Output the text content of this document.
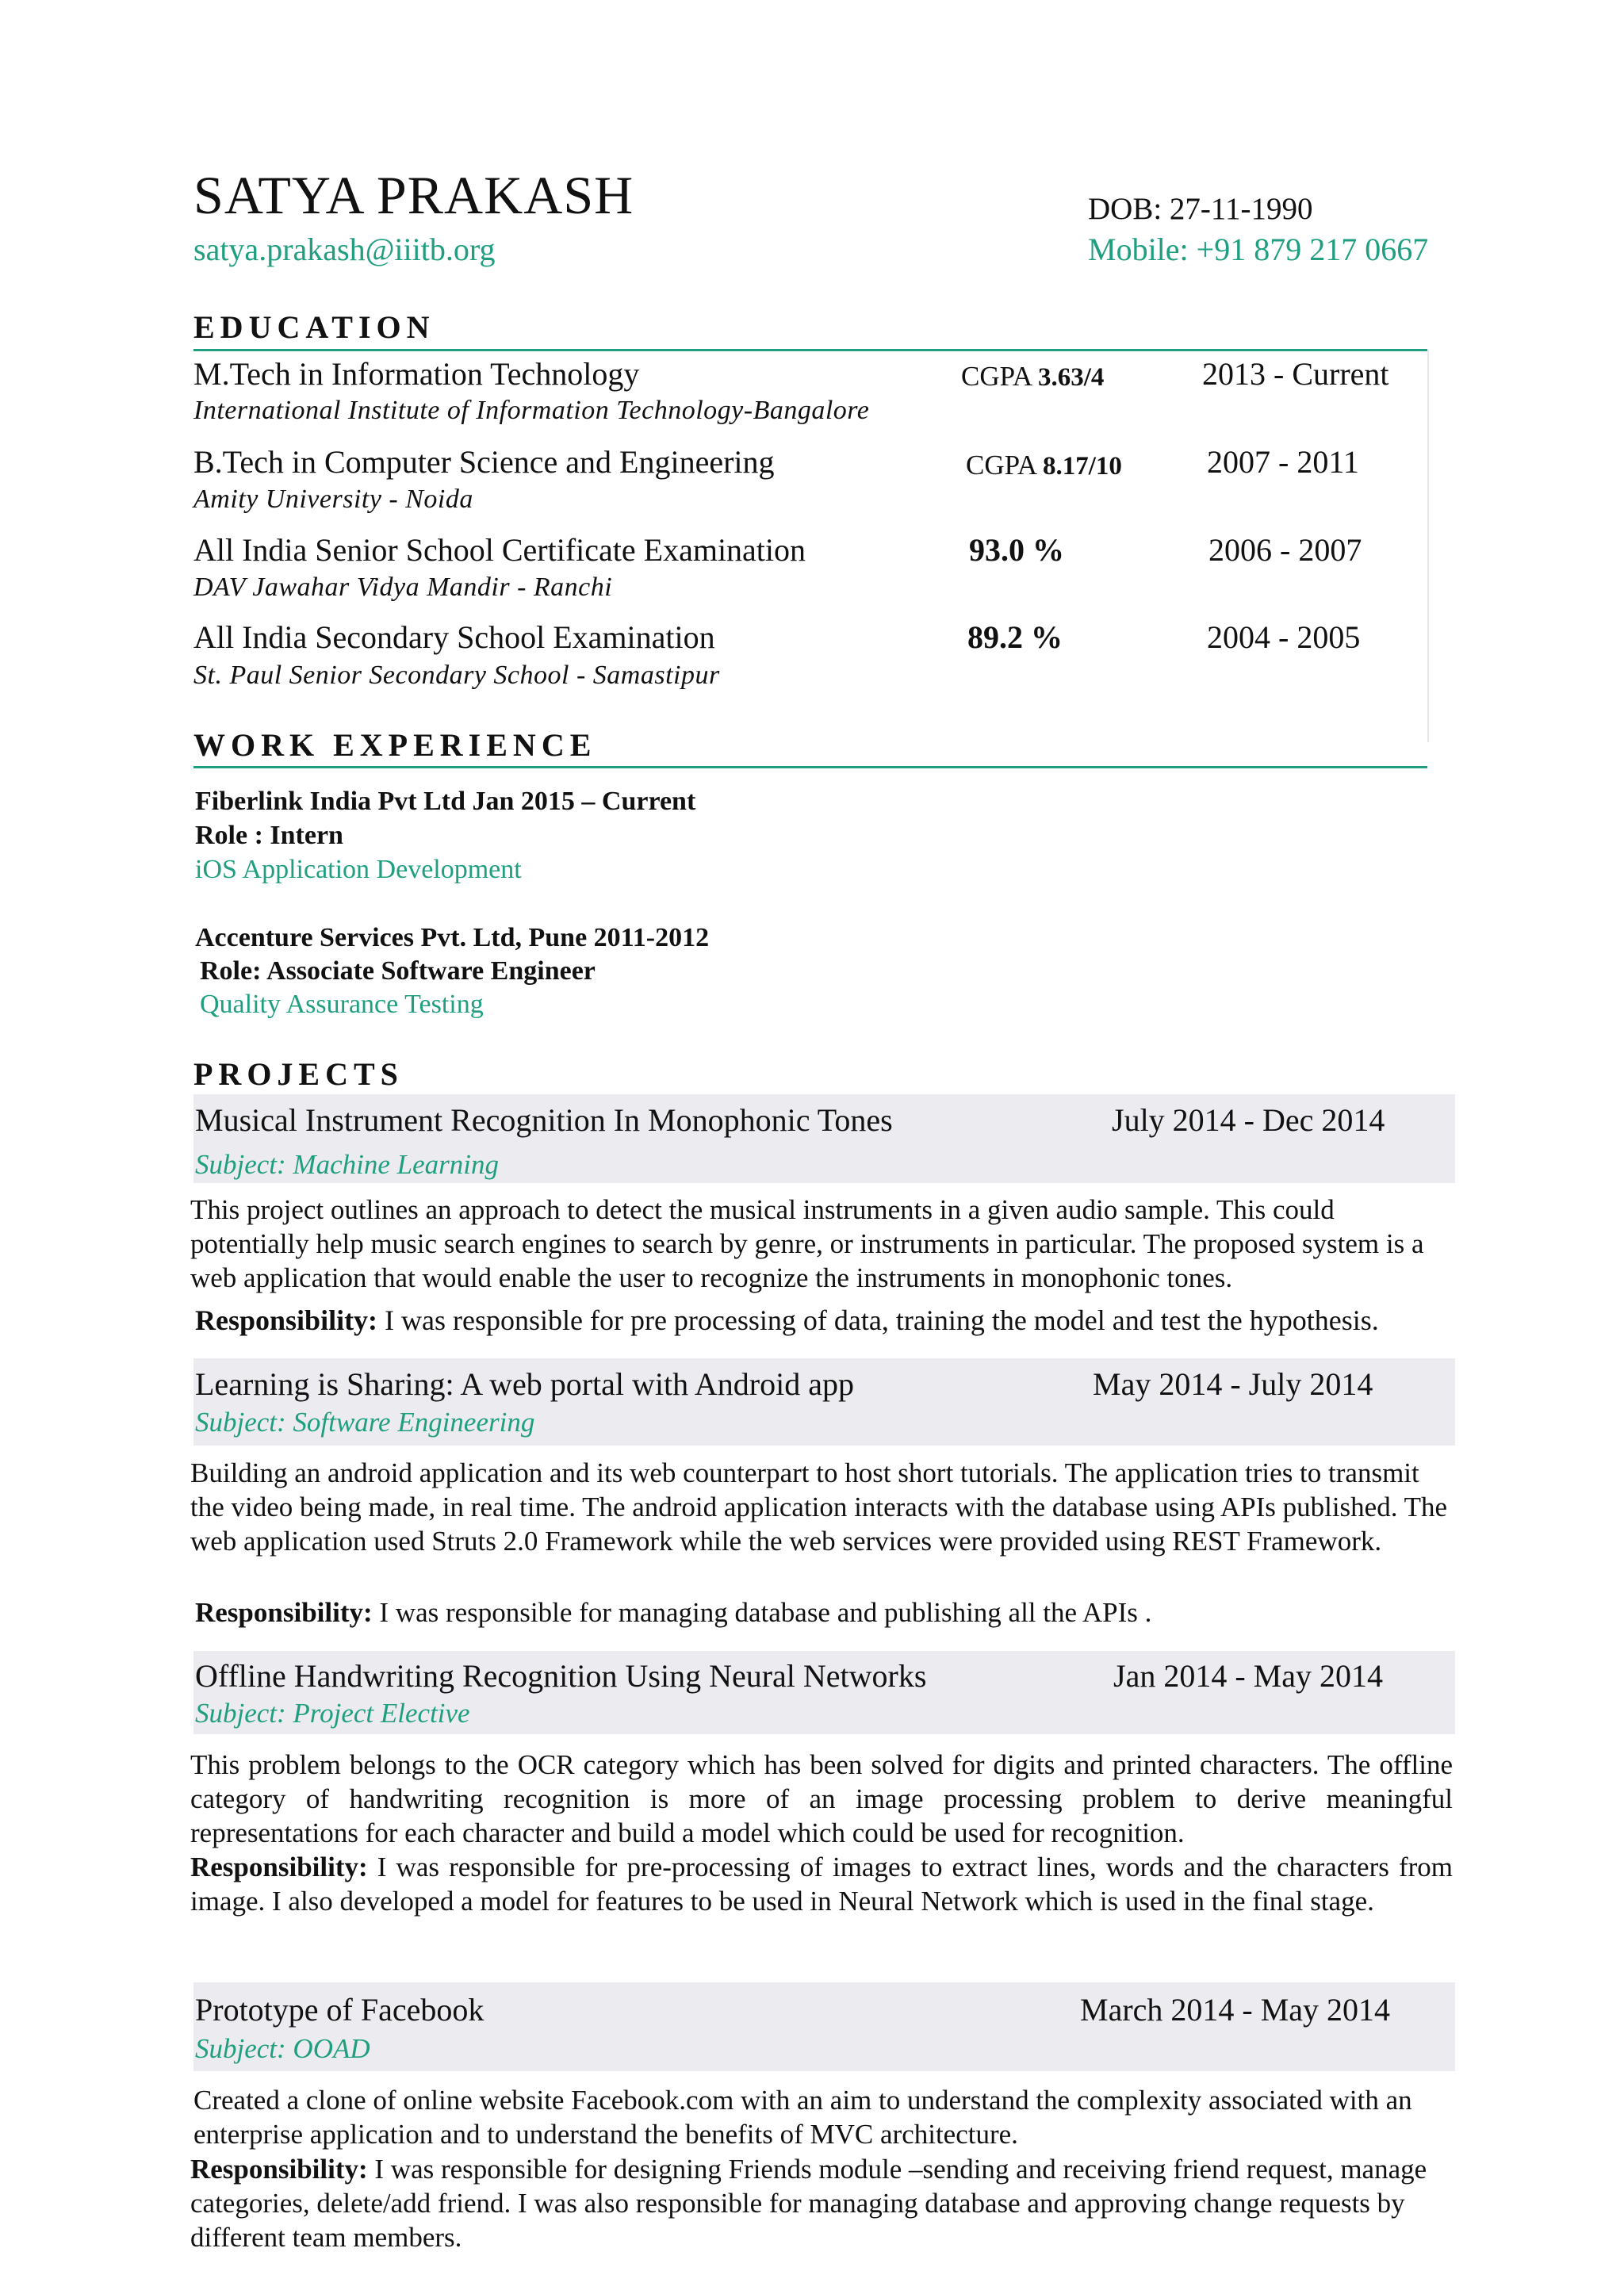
SATYA PRAKASH	DOB: 27-11-1990
satya.prakash@iiitb.org	Mobile: +91 879 217 0667
EDUCATION
M.Tech in Information Technology
International Institute of Information Technology-Bangalore
CGPA 3.63/4	2013 - Current
B.Tech in Computer Science and Engineering
Amity University - Noida
CGPA 8.17/10	2007 - 2011
All India Senior School Certificate Examination
DAV Jawahar Vidya Mandir - Ranchi
93.0 %	2006 - 2007
All India Secondary School Examination
St. Paul Senior Secondary School - Samastipur
89.2 %	2004 - 2005
WORK EXPERIENCE
Fiberlink India Pvt Ltd Jan 2015 – Current
Role : Intern
iOS Application Development
Accenture Services Pvt. Ltd, Pune 2011-2012
Role: Associate Software Engineer
Quality Assurance Testing
PROJECTS
Musical Instrument Recognition In Monophonic Tones	July 2014 - Dec 2014
Subject: Machine Learning
This project outlines an approach to detect the musical instruments in a given audio sample. This could potentially help music search engines to search by genre, or instruments in particular. The proposed system is a web application that would enable the user to recognize the instruments in monophonic tones.
Responsibility: I was responsible for pre processing of data, training the model and test the hypothesis.
Learning is Sharing: A web portal with Android app	May 2014 - July 2014
Subject: Software Engineering
Building an android application and its web counterpart to host short tutorials. The application tries to transmit the video being made, in real time. The android application interacts with the database using APIs published. The web application used Struts 2.0 Framework while the web services were provided using REST Framework.
Responsibility: I was responsible for managing database and publishing all the APIs .
Offline Handwriting Recognition Using Neural Networks	Jan 2014 - May 2014
Subject: Project Elective
This problem belongs to the OCR category which has been solved for digits and printed characters. The offline category of handwriting recognition is more of an image processing problem to derive meaningful representations for each character and build a model which could be used for recognition.
Responsibility: I was responsible for pre-processing of images to extract lines, words and the characters from image. I also developed a model for features to be used in Neural Network which is used in the final stage.
Prototype of Facebook	March 2014 - May 2014
Subject: OOAD
Created a clone of online website Facebook.com with an aim to understand the complexity associated with an enterprise application and to understand the benefits of MVC architecture.
Responsibility: I was responsible for designing Friends module –sending and receiving friend request, manage categories, delete/add friend. I was also responsible for managing database and approving change requests by different team members.
